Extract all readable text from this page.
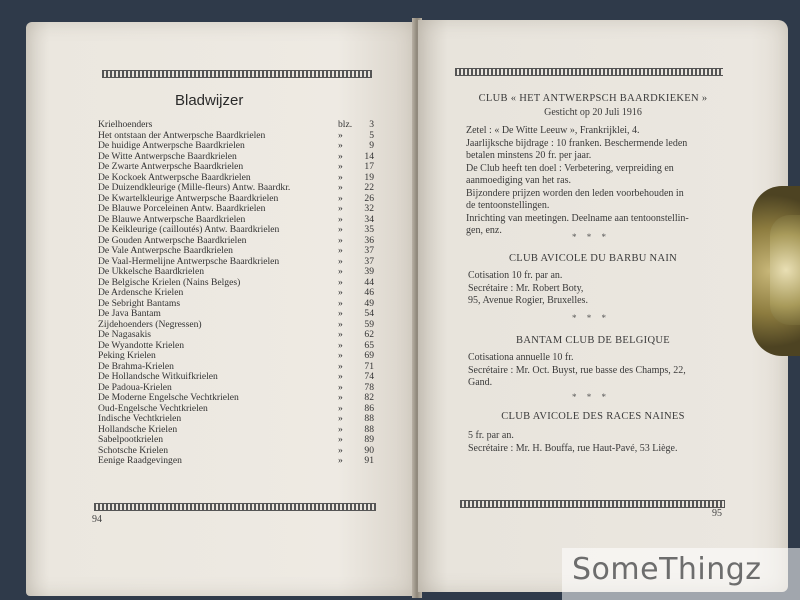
Bladwijzer
Krielhoenders	blz.	3
Het ontstaan der Antwerpsche Baardkrielen	»	5
De huidige Antwerpsche Baardkrielen	»	9
De Witte Antwerpsche Baardkrielen	»	14
De Zwarte Antwerpsche Baardkrielen	»	17
De Kockoek Antwerpsche Baardkrielen	»	19
De Duizendkleurige (Mille-fleurs) Antw. Baardkr.	»	22
De Kwartelkleurige Antwerpsche Baardkrielen	»	26
De Blauwe Porceleinen Antw. Baardkrielen	»	32
De Blauwe Antwerpsche Baardkrielen	»	34
De Keikleurige (cailloutés) Antw. Baardkrielen	»	35
De Gouden Antwerpsche Baardkrielen	»	36
De Vale Antwerpsche Baardkrielen	»	37
De Vaal-Hermelijne Antwerpsche Baardkrielen	»	37
De Ukkelsche Baardkrielen	»	39
De Belgische Krielen (Nains Belges)	»	44
De Ardensche Krielen	»	46
De Sebright Bantams	»	49
De Java Bantam	»	54
Zijdehoenders (Negressen)	»	59
De Nagasakis	»	62
De Wyandotte Krielen	»	65
Peking Krielen	»	69
De Brahma-Krielen	»	71
De Hollandsche Witkuifkrielen	»	74
De Padoua-Krielen	»	78
De Moderne Engelsche Vechtkrielen	»	82
Oud-Engelsche Vechtkrielen	»	86
Indische Vechtkrielen	»	88
Hollandsche Krielen	»	88
Sabelpootkrielen	»	89
Schotsche Krielen	»	90
Eenige Raadgevingen	»	91
94
CLUB « HET ANTWERPSCH BAARDKIEKEN »
Gesticht op 20 Juli 1916
Zetel : « De Witte Leeuw », Frankrijklei, 4.
Jaarlijksche bijdrage : 10 franken. Beschermende leden
betalen minstens 20 fr. per jaar.
De Club heeft ten doel : Verbetering, verpreiding en
aanmoediging van het ras.
Bijzondere prijzen worden den leden voorbehouden in
de tentoonstellingen.
Inrichting van meetingen. Deelname aan tentoonstellin-
gen, enz.
* * *
CLUB AVICOLE DU BARBU NAIN
Cotisation 10 fr. par an.
Secrétaire : Mr. Robert Boty,
95, Avenue Rogier, Bruxelles.
* * *
BANTAM CLUB DE BELGIQUE
Cotisationa annuelle 10 fr.
Secrétaire : Mr. Oct. Buyst, rue basse des Champs, 22,
Gand.
* * *
CLUB AVICOLE DES RACES NAINES
5 fr. par an.
Secrétaire : Mr. H. Bouffa, rue Haut-Pavé, 53 Liège.
95
SomeThingz
